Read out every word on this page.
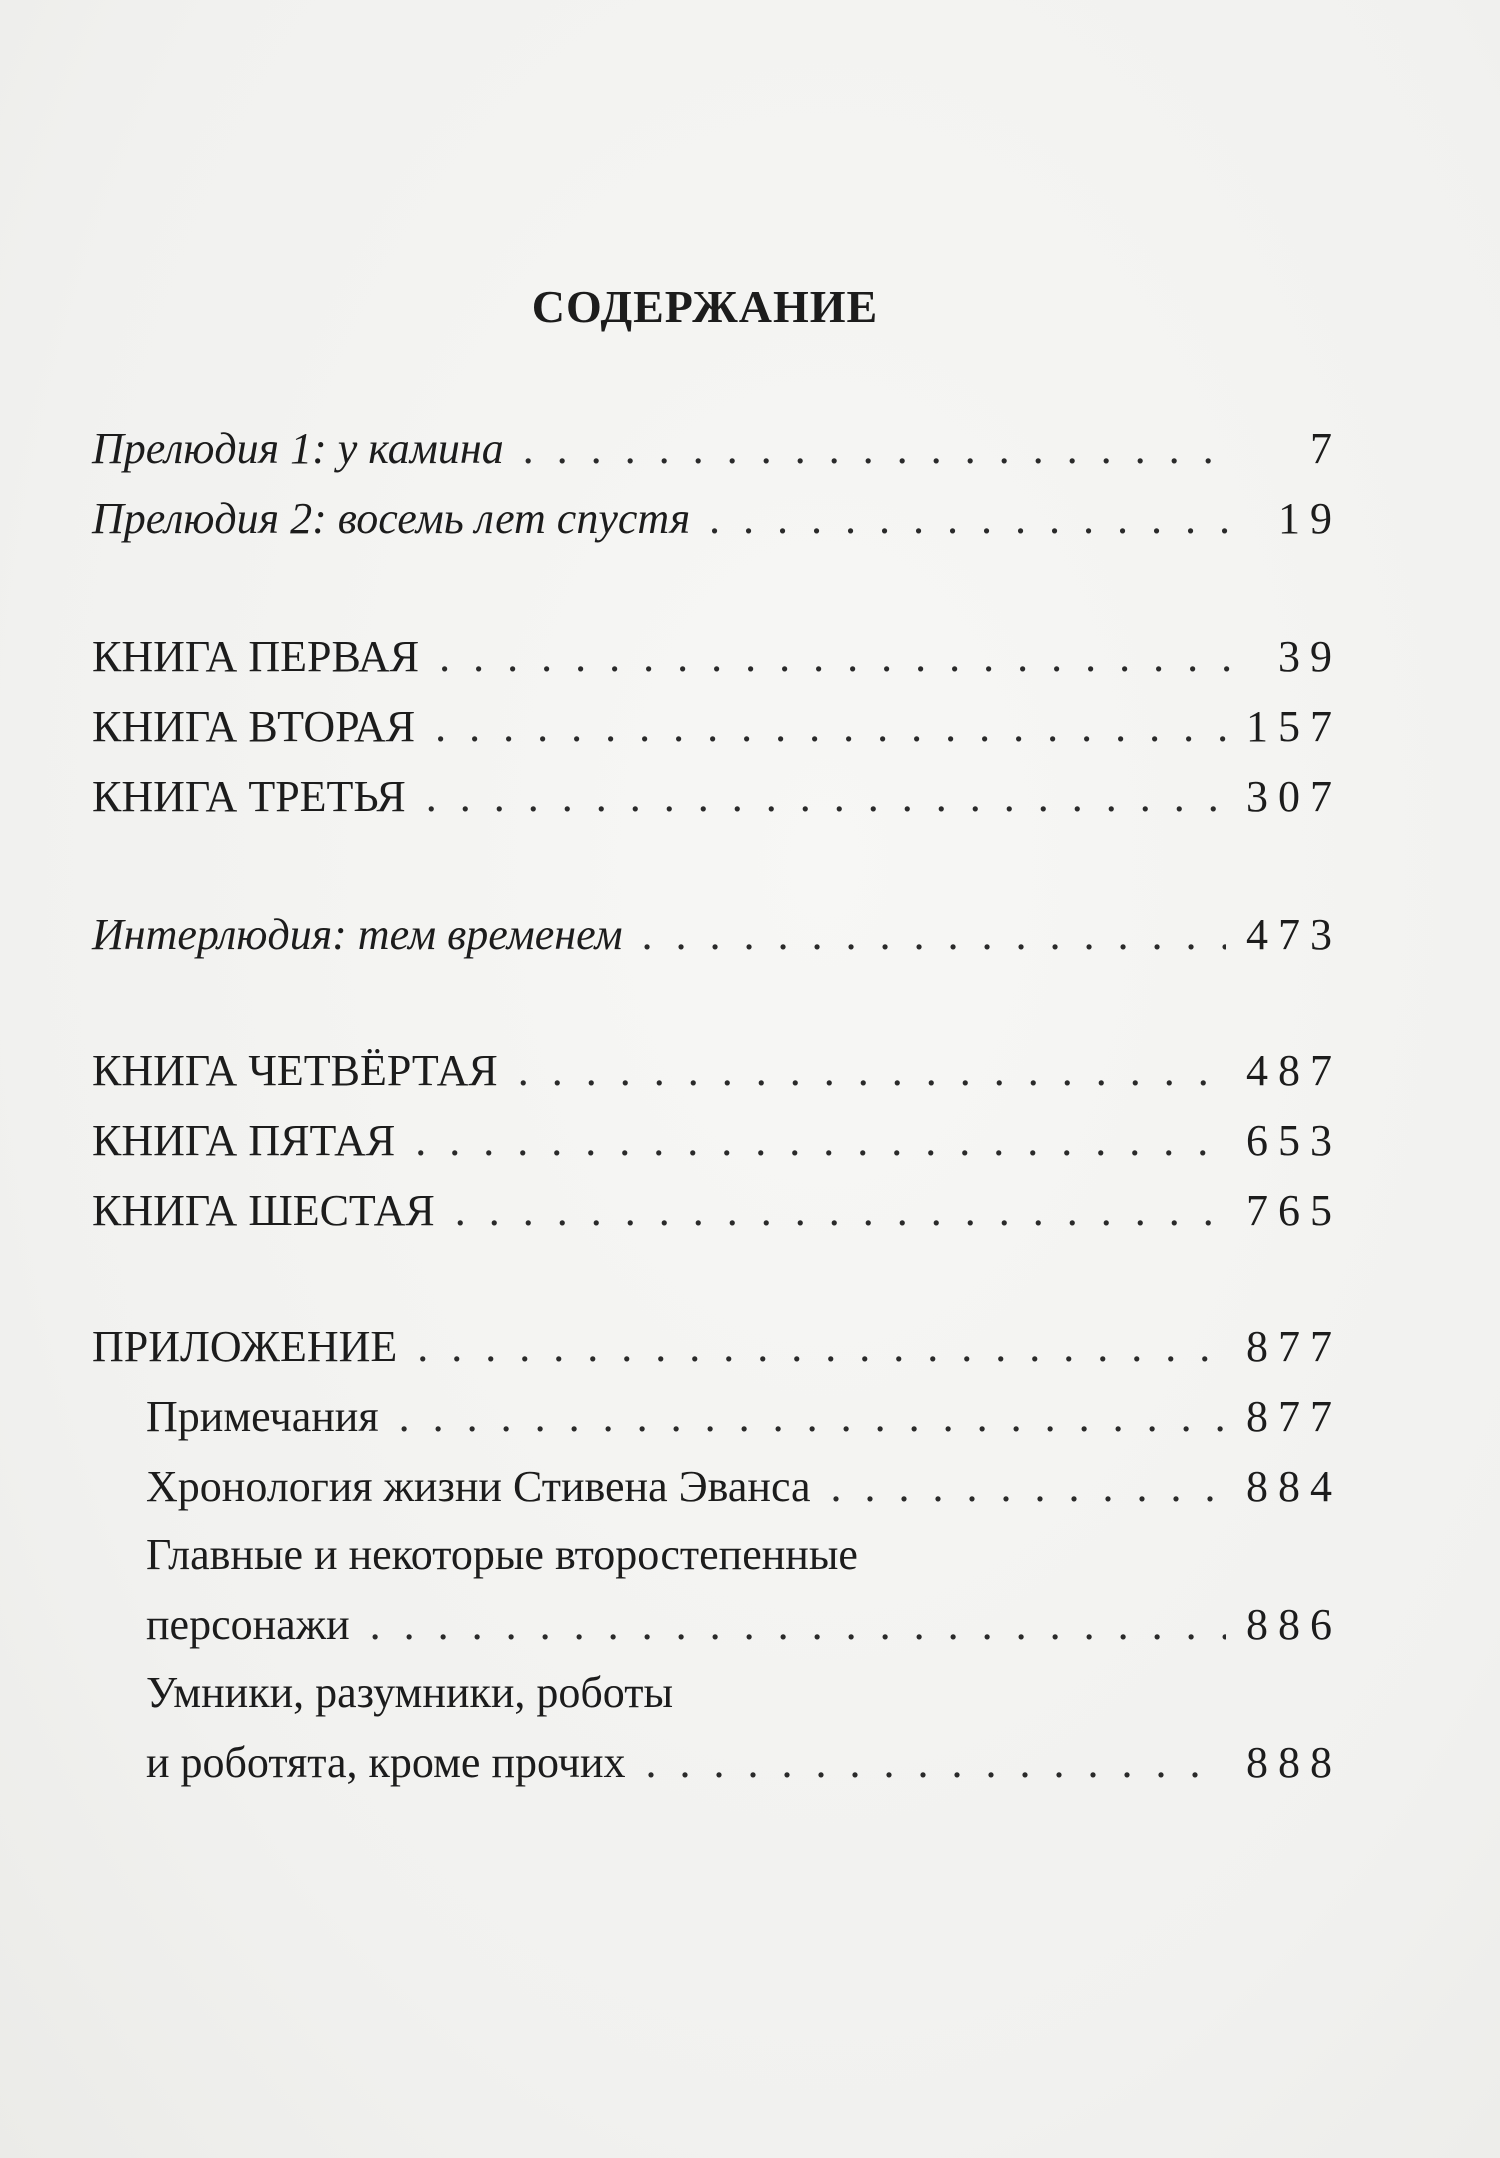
СОДЕРЖАНИЕ
Прелюдия 1: у камина . . .	7
Прелюдия 2: восемь лет спустя . . .	19
КНИГА ПЕРВАЯ . . .	39
КНИГА ВТОРАЯ . . .	157
КНИГА ТРЕТЬЯ . . .	307
Интерлюдия: тем временем . . .	473
КНИГА ЧЕТВЁРТАЯ . . .	487
КНИГА ПЯТАЯ . . .	653
КНИГА ШЕСТАЯ . . .	765
ПРИЛОЖЕНИЕ . . .	877
Примечания . . .	877
Хронология жизни Стивена Эванса . . .	884
Главные и некоторые второстепенные
персонажи . . .	886
Умники, разумники, роботы
и роботята, кроме прочих . . .	888
